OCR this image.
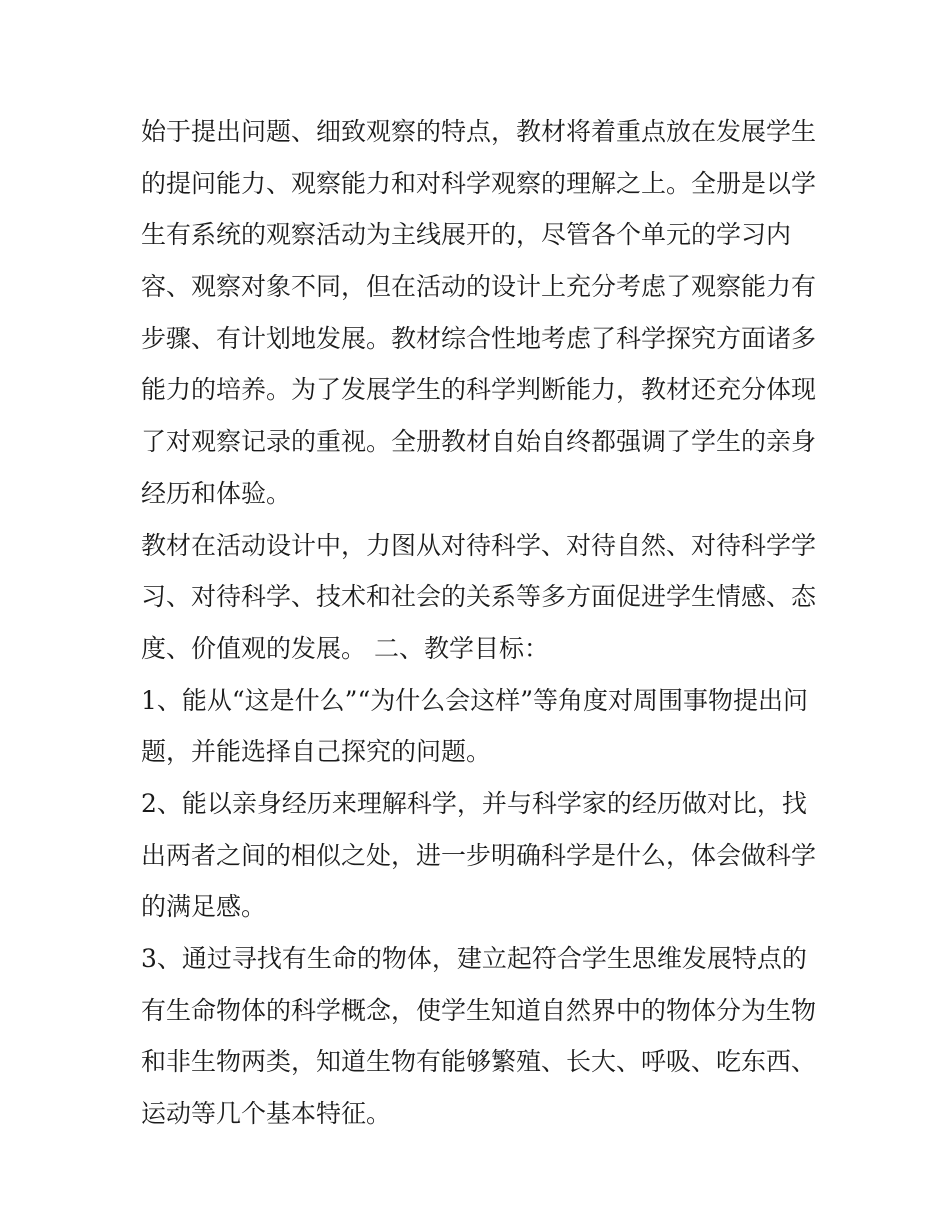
始于提出问题、细致观察的特点，教材将着重点放在发展学生
的提问能力、观察能力和对科学观察的理解之上。全册是以学
生有系统的观察活动为主线展开的，尽管各个单元的学习内
容、观察对象不同，但在活动的设计上充分考虑了观察能力有
步骤、有计划地发展。教材综合性地考虑了科学探究方面诸多
能力的培养。为了发展学生的科学判断能力，教材还充分体现
了对观察记录的重视。全册教材自始自终都强调了学生的亲身
经历和体验。
教材在活动设计中，力图从对待科学、对待自然、对待科学学
习、对待科学、技术和社会的关系等多方面促进学生情感、态
度、价值观的发展。 二、教学目标：
1、能从“这是什么”“为什么会这样”等角度对周围事物提出问
题，并能选择自己探究的问题。
2、能以亲身经历来理解科学，并与科学家的经历做对比，找
出两者之间的相似之处，进一步明确科学是什么，体会做科学
的满足感。
3、通过寻找有生命的物体，建立起符合学生思维发展特点的
有生命物体的科学概念，使学生知道自然界中的物体分为生物
和非生物两类，知道生物有能够繁殖、长大、呼吸、吃东西、
运动等几个基本特征。
